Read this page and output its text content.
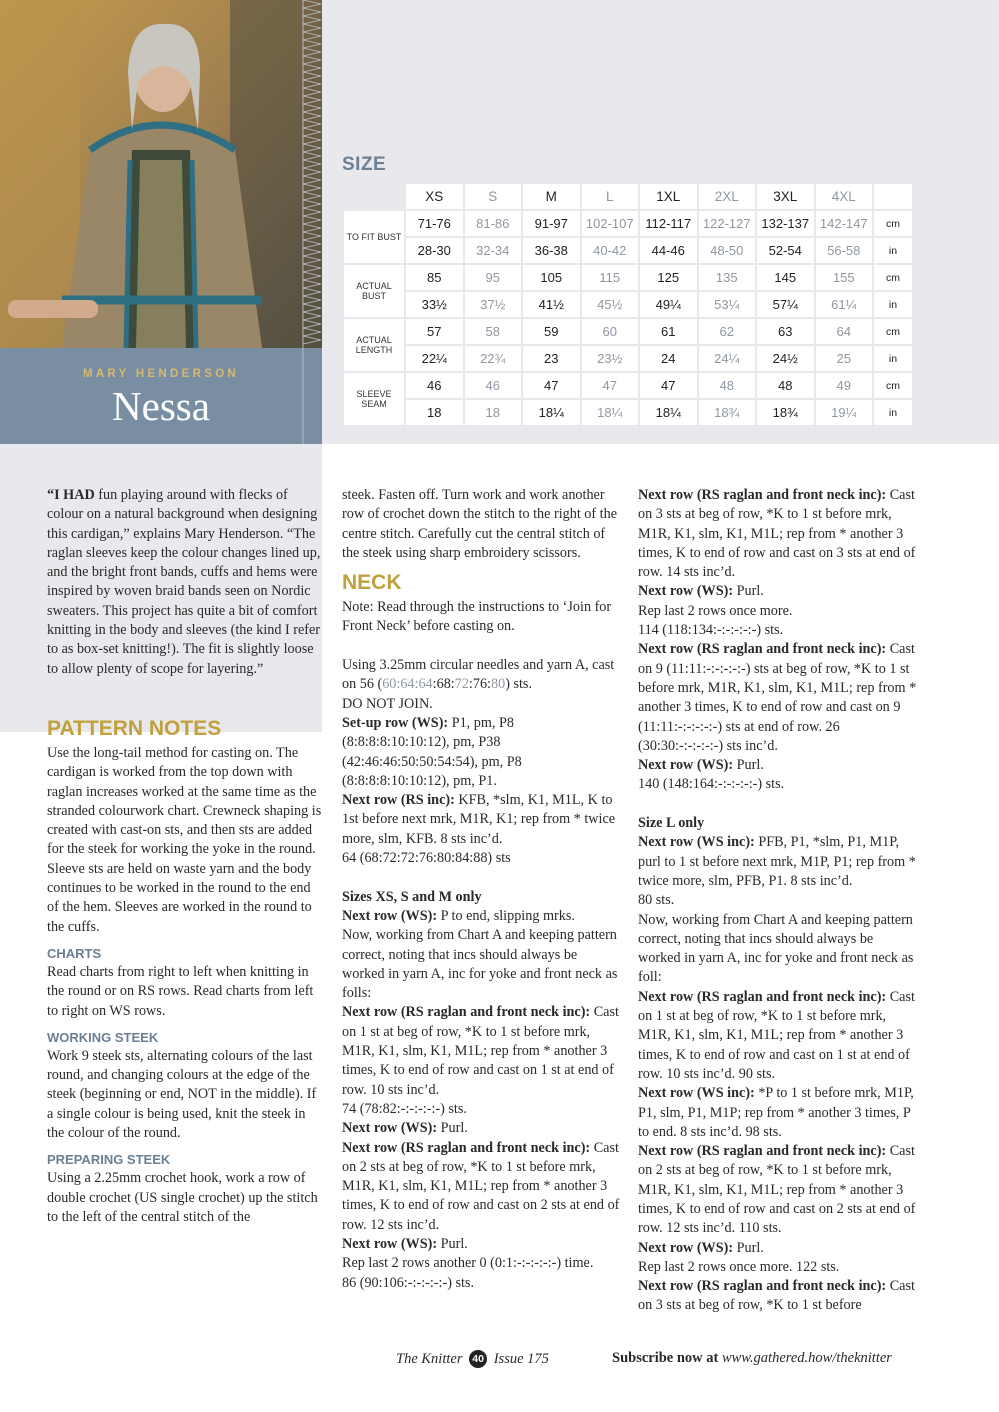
MARY HENDERSON
Nessa
SIZE
	XS	S	M	L	1XL	2XL	3XL	4XL	
TO FIT BUST	71-76	81-86	91-97	102-107	112-117	122-127	132-137	142-147	cm
	28-30	32-34	36-38	40-42	44-46	48-50	52-54	56-58	in
ACTUAL BUST	85	95	105	115	125	135	145	155	cm
	33½	37½	41½	45½	49¼	53¼	57¼	61¼	in
ACTUAL LENGTH	57	58	59	60	61	62	63	64	cm
	22¼	22¾	23	23½	24	24¼	24½	25	in
SLEEVE SEAM	46	46	47	47	47	48	48	49	cm
	18	18	18¼	18¼	18¼	18¾	18¾	19¼	in

“I HAD fun playing around with flecks of colour on a natural background when designing this cardigan,” explains Mary Henderson. “The raglan sleeves keep the colour changes lined up, and the bright front bands, cuffs and hems were inspired by woven braid bands seen on Nordic sweaters. This project has quite a bit of comfort knitting in the body and sleeves (the kind I refer to as box-set knitting!). The fit is slightly loose to allow plenty of scope for layering.”

PATTERN NOTES

Use the long-tail method for casting on. The cardigan is worked from the top down with raglan increases worked at the same time as the stranded colourwork chart. Crewneck shaping is created with cast-on sts, and then sts are added for the steek for working the yoke in the round. Sleeve sts are held on waste yarn and the body continues to be worked in the round to the end of the hem. Sleeves are worked in the round to the cuffs.

CHARTS

Read charts from right to left when knitting in the round or on RS rows. Read charts from left to right on WS rows.

WORKING STEEK

Work 9 steek sts, alternating colours of the last round, and changing colours at the edge of the steek (beginning or end, NOT in the middle). If a single colour is being used, knit the steek in the colour of the round.

PREPARING STEEK

Using a 2.25mm crochet hook, work a row of double crochet (US single crochet) up the stitch to the left of the central stitch of the

steek. Fasten off. Turn work and work another row of crochet down the stitch to the right of the centre stitch. Carefully cut the central stitch of the steek using sharp embroidery scissors.

NECK

Note: Read through the instructions to ‘Join for Front Neck’ before casting on.

Using 3.25mm circular needles and yarn A, cast on 56 (60:64:64:68:72:76:80) sts.

DO NOT JOIN.

Set-up row (WS): P1, pm, P8 (8:8:8:8:10:10:12), pm, P38 (42:46:46:50:50:54:54), pm, P8 (8:8:8:8:10:10:12), pm, P1.

Next row (RS inc): KFB, *slm, K1, M1L, K to 1st before next mrk, M1R, K1; rep from * twice more, slm, KFB. 8 sts inc’d.

64 (68:72:72:76:80:84:88) sts

Sizes XS, S and M only

Next row (WS): P to end, slipping mrks.

Now, working from Chart A and keeping pattern correct, noting that incs should always be worked in yarn A, inc for yoke and front neck as folls:

Next row (RS raglan and front neck inc): Cast on 1 st at beg of row, *K to 1 st before mrk, M1R, K1, slm, K1, M1L; rep from * another 3 times, K to end of row and cast on 1 st at end of row. 10 sts inc’d.

74 (78:82:-:-:-:-:-) sts.

Next row (WS): Purl.

Next row (RS raglan and front neck inc): Cast on 2 sts at beg of row, *K to 1 st before mrk, M1R, K1, slm, K1, M1L; rep from * another 3 times, K to end of row and cast on 2 sts at end of row. 12 sts inc’d.

Next row (WS): Purl.

Rep last 2 rows another 0 (0:1:-:-:-:-:-) time.

86 (90:106:-:-:-:-:-) sts.

Next row (RS raglan and front neck inc): Cast on 3 sts at beg of row, *K to 1 st before mrk, M1R, K1, slm, K1, M1L; rep from * another 3 times, K to end of row and cast on 3 sts at end of row. 14 sts inc’d.

Next row (WS): Purl.

Rep last 2 rows once more.

114 (118:134:-:-:-:-:-) sts.

Next row (RS raglan and front neck inc): Cast on 9 (11:11:-:-:-:-:-) sts at beg of row, *K to 1 st before mrk, M1R, K1, slm, K1, M1L; rep from * another 3 times, K to end of row and cast on 9 (11:11:-:-:-:-:-) sts at end of row. 26 (30:30:-:-:-:-:-) sts inc’d.

Next row (WS): Purl.

140 (148:164:-:-:-:-:-) sts.

Size L only

Next row (WS inc): PFB, P1, *slm, P1, M1P, purl to 1 st before next mrk, M1P, P1; rep from * twice more, slm, PFB, P1. 8 sts inc’d.

80 sts.

Now, working from Chart A and keeping pattern correct, noting that incs should always be worked in yarn A, inc for yoke and front neck as foll:

Next row (RS raglan and front neck inc): Cast on 1 st at beg of row, *K to 1 st before mrk, M1R, K1, slm, K1, M1L; rep from * another 3 times, K to end of row and cast on 1 st at end of row. 10 sts inc’d. 90 sts.

Next row (WS inc): *P to 1 st before mrk, M1P, P1, slm, P1, M1P; rep from * another 3 times, P to end. 8 sts inc’d. 98 sts.

Next row (RS raglan and front neck inc): Cast on 2 sts at beg of row, *K to 1 st before mrk, M1R, K1, slm, K1, M1L; rep from * another 3 times, K to end of row and cast on 2 sts at end of row. 12 sts inc’d. 110 sts.

Next row (WS): Purl.

Rep last 2 rows once more. 122 sts.

Next row (RS raglan and front neck inc): Cast on 3 sts at beg of row, *K to 1 st before

The Knitter 40 Issue 175	Subscribe now at www.gathered.how/theknitter
